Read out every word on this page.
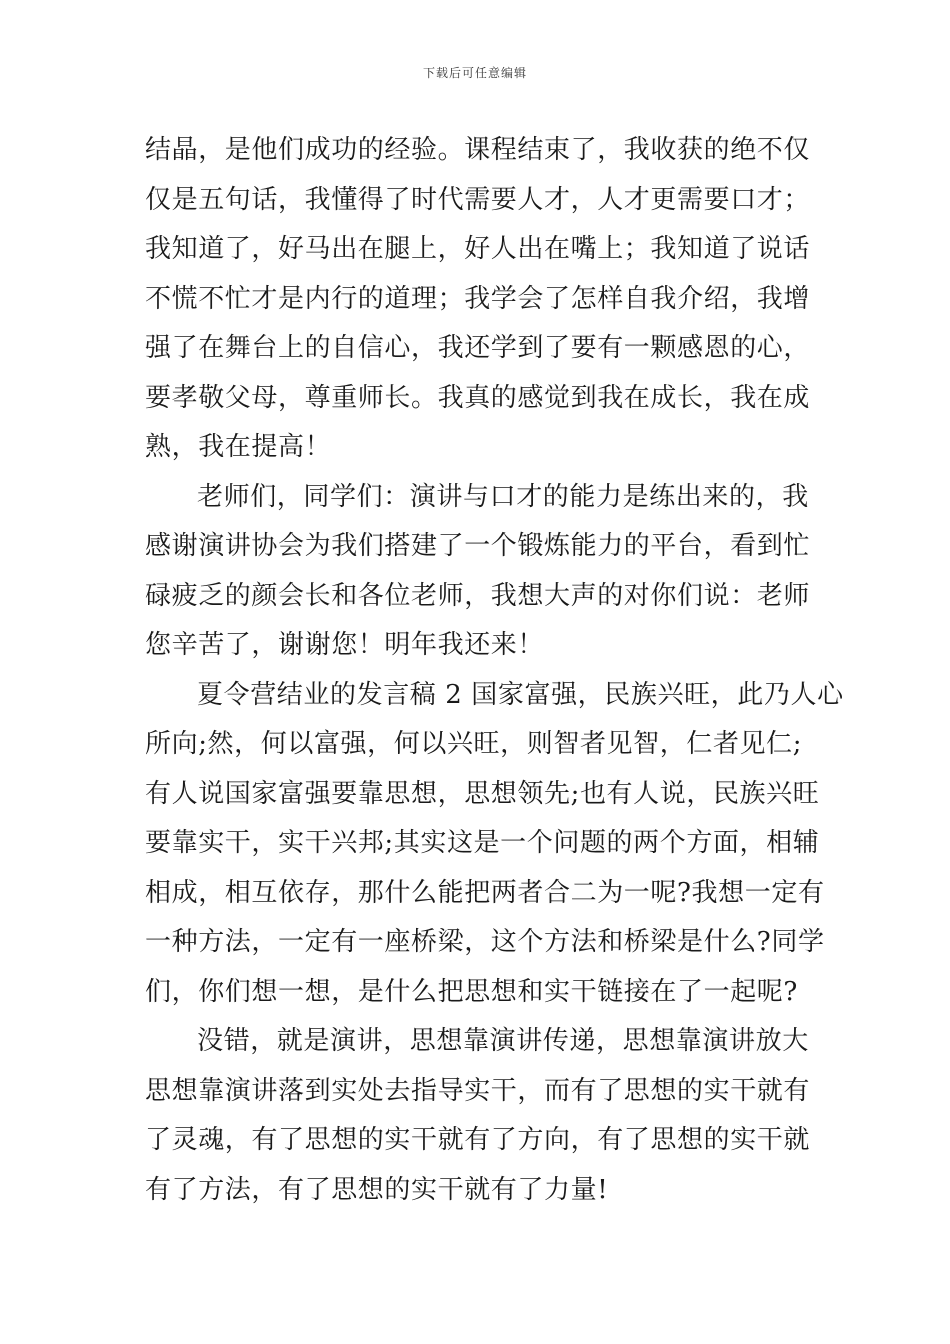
下载后可任意编辑
结晶，是他们成功的经验。课程结束了，我收获的绝不仅
仅是五句话，我懂得了时代需要人才，人才更需要口才；
我知道了，好马出在腿上，好人出在嘴上；我知道了说话
不慌不忙才是内行的道理；我学会了怎样自我介绍，我增
强了在舞台上的自信心，我还学到了要有一颗感恩的心，
要孝敬父母，尊重师长。我真的感觉到我在成长，我在成
熟，我在提高！
老师们，同学们：演讲与口才的能力是练出来的，我
感谢演讲协会为我们搭建了一个锻炼能力的平台，看到忙
碌疲乏的颜会长和各位老师，我想大声的对你们说：老师
您辛苦了，谢谢您！明年我还来！
夏令营结业的发言稿 2 国家富强，民族兴旺，此乃人心
所向;然，何以富强，何以兴旺，则智者见智，仁者见仁;
有人说国家富强要靠思想，思想领先;也有人说，民族兴旺
要靠实干，实干兴邦;其实这是一个问题的两个方面，相辅
相成，相互依存，那什么能把两者合二为一呢?我想一定有
一种方法，一定有一座桥梁，这个方法和桥梁是什么?同学
们，你们想一想，是什么把思想和实干链接在了一起呢?
没错，就是演讲，思想靠演讲传递，思想靠演讲放大
思想靠演讲落到实处去指导实干，而有了思想的实干就有
了灵魂，有了思想的实干就有了方向，有了思想的实干就
有了方法，有了思想的实干就有了力量!
